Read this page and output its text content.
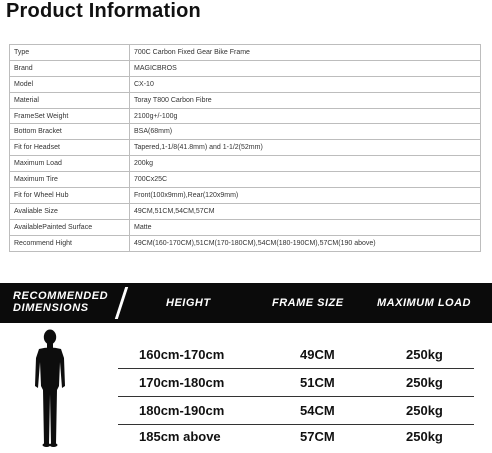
Product Information
Type	700C Carbon Fixed Gear Bike Frame
Brand	MAGICBROS
Model	CX-10
Material	Toray T800 Carbon Fibre
FrameSet Weight	2100g+/-100g
Bottom Bracket	BSA(68mm)
Fit for Headset	Tapered,1-1/8(41.8mm) and 1-1/2(52mm)
Maximum Load	200kg
Maximum Tire	700Cx25C
Fit for Wheel Hub	Front(100x9mm),Rear(120x9mm)
Avaliable Size	49CM,51CM,54CM,57CM
AvailablePainted Surface	Matte
Recommend Hight	49CM(160-170CM),51CM(170-180CM),54CM(180-190CM),57CM(190 above)
RECOMMENDED
DIMENSIONS	HEIGHT	FRAME SIZE	MAXIMUM LOAD
160cm-170cm	49CM	250kg
170cm-180cm	51CM	250kg
180cm-190cm	54CM	250kg
185cm above	57CM	250kg
